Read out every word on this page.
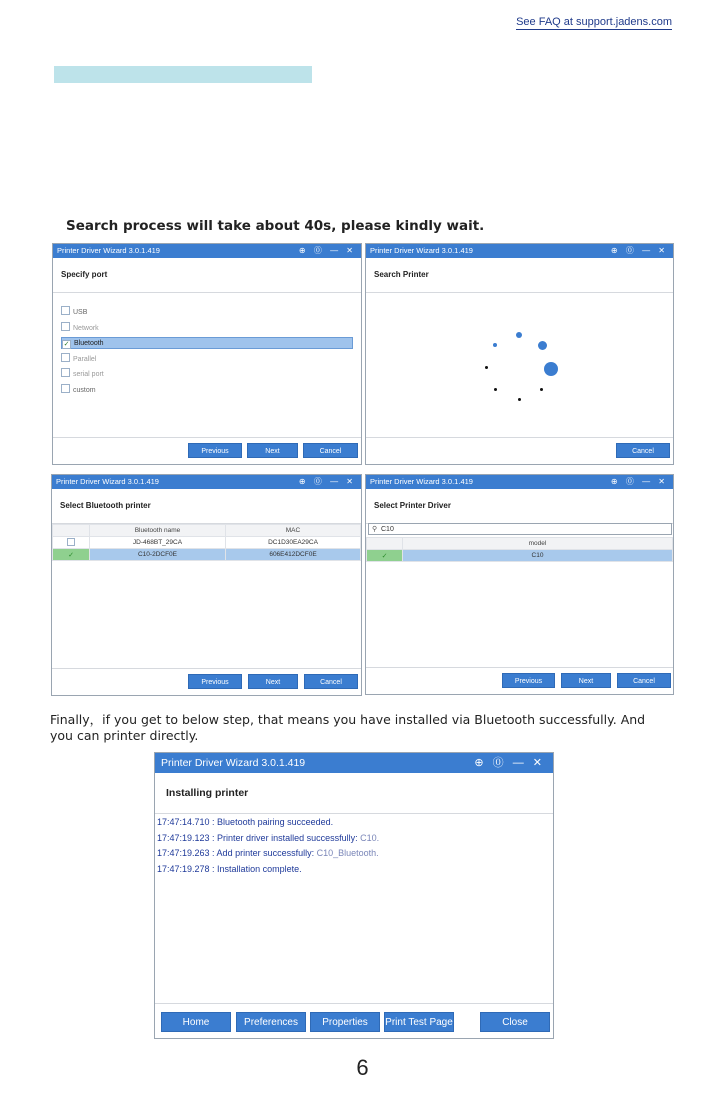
See FAQ at support.jadens.com
Search process will take about 40s, please kindly wait.
Printer Driver Wizard 3.0.1.419	⊕ ⓪ — ✕
Specify port
USB
Network
✓ Bluetooth
Parallel
serial port
custom
Previous	Next	Cancel
Printer Driver Wizard 3.0.1.419	⊕ ⓪ — ✕
Search Printer
Cancel
Printer Driver Wizard 3.0.1.419	⊕ ⓪ — ✕
Select Bluetooth printer
	Bluetooth name	MAC
	JD-468BT_29CA	DC1D30EA29CA
✓	C10-2DCF0E	606E412DCF0E
Previous	Next	Cancel
Printer Driver Wizard 3.0.1.419	⊕ ⓪ — ✕
Select Printer Driver
⚲ C10
	model
✓	C10
Previous	Next	Cancel
Finally，if you get to below step, that means you have installed via Bluetooth successfully. And you can printer directly.
Printer Driver Wizard 3.0.1.419	⊕ ⓪ — ✕
Installing printer
17:47:14.710 : Bluetooth pairing succeeded.
17:47:19.123 : Printer driver installed successfully: C10.
17:47:19.263 : Add printer successfully: C10_Bluetooth.
17:47:19.278 : Installation complete.
Home	Preferences	Properties	Print Test Page	Close
6
